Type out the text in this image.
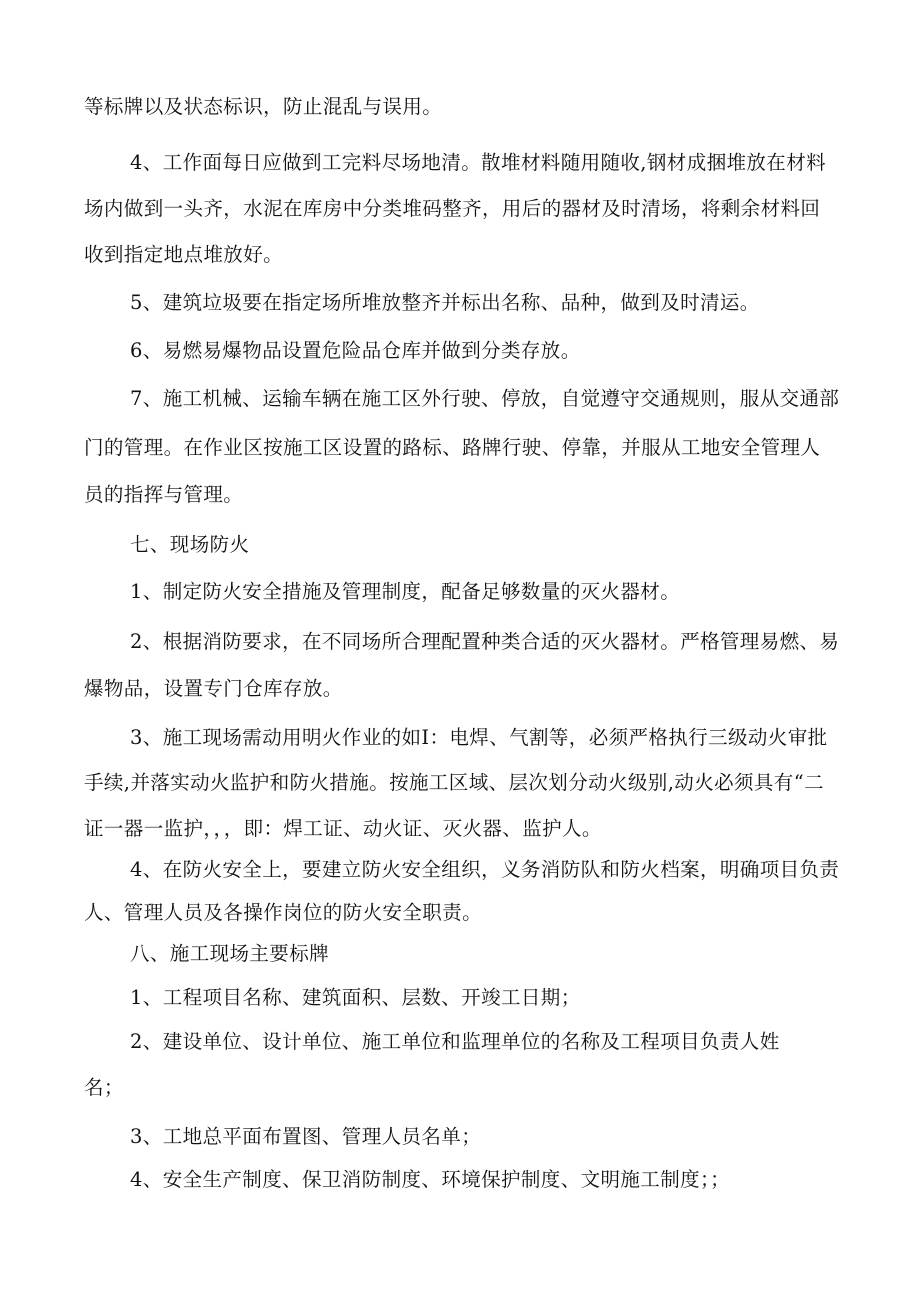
等标牌以及状态标识，防止混乱与误用。
4、工作面每日应做到工完料尽场地清。散堆材料随用随收,钢材成捆堆放在材料
场内做到一头齐，水泥在库房中分类堆码整齐，用后的器材及时清场，将剩余材料回
收到指定地点堆放好。
5、建筑垃圾要在指定场所堆放整齐并标出名称、品种，做到及时清运。
6、易燃易爆物品设置危险品仓库并做到分类存放。
7、施工机械、运输车辆在施工区外行驶、停放，自觉遵守交通规则，服从交通部
门的管理。在作业区按施工区设置的路标、路牌行驶、停靠，并服从工地安全管理人
员的指挥与管理。
七、现场防火
1、制定防火安全措施及管理制度，配备足够数量的灭火器材。
2、根据消防要求，在不同场所合理配置种类合适的灭火器材。严格管理易燃、易
爆物品，设置专门仓库存放。
3、施工现场需动用明火作业的如I：电焊、气割等，必须严格执行三级动火审批
手续,并落实动火监护和防火措施。按施工区域、层次划分动火级别,动火必须具有“二
证一器一监护，，，即：焊工证、动火证、灭火器、监护人。
4、在防火安全上，要建立防火安全组织，义务消防队和防火档案，明确项目负责
人、管理人员及各操作岗位的防火安全职责。
八、施工现场主要标牌
1、工程项目名称、建筑面积、层数、开竣工日期；
2、建设单位、设计单位、施工单位和监理单位的名称及工程项目负责人姓
名；
3、工地总平面布置图、管理人员名单；
4、安全生产制度、保卫消防制度、环境保护制度、文明施工制度；；
